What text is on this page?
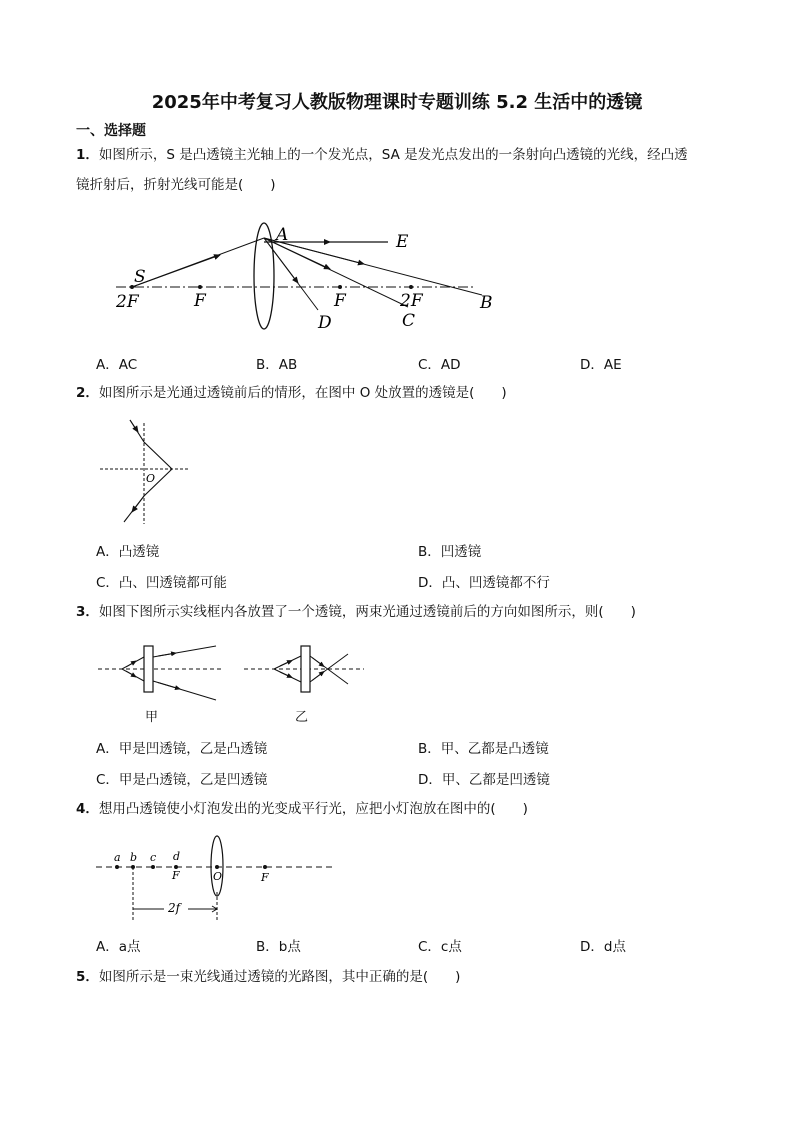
2025年中考复习人教版物理课时专题训练 5.2 生活中的透镜
一、选择题
1．如图所示，S 是凸透镜主光轴上的一个发光点，SA 是发光点发出的一条射向凸透镜的光线，经凸透
镜折射后，折射光线可能是(　　)
S
A	E
2F	F	F	2F	B
C
D
A．AC	B．AB	C．AD	D．AE
2．如图所示是光通过透镜前后的情形，在图中 O 处放置的透镜是(　　)
O
A．凸透镜	B．凹透镜
C．凸、凹透镜都可能	D．凸、凹透镜都不行
3．如图下图所示实线框内各放置了一个透镜，两束光通过透镜前后的方向如图所示，则(　　)
甲	乙
A．甲是凹透镜，乙是凸透镜	B．甲、乙都是凸透镜
C．甲是凸透镜，乙是凹透镜	D．甲、乙都是凹透镜
4．想用凸透镜使小灯泡发出的光变成平行光，应把小灯泡放在图中的(　　)
a b c d
F	O	F
2f
A．a点	B．b点	C．c点	D．d点
5．如图所示是一束光线通过透镜的光路图，其中正确的是(　　)
